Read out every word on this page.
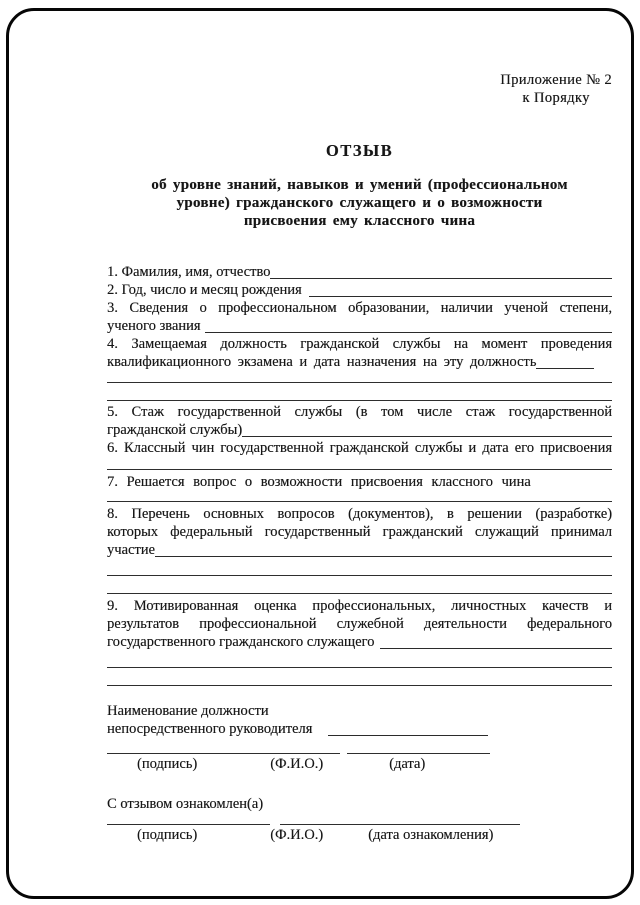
Приложение № 2
к Порядку
ОТЗЫВ
об уровне знаний, навыков и умений (профессиональном
уровне) гражданского служащего и о возможности
присвоения ему классного чина
1. Фамилия, имя, отчество
2. Год, число и месяц рождения
3. Сведения о профессиональном образовании, наличии ученой степени,
ученого звания
4. Замещаемая должность гражданской службы на момент проведения
квалификационного экзамена и дата назначения на эту должность
5. Стаж государственной службы (в том числе стаж государственной
гражданской службы)
6. Классный чин государственной гражданской службы и дата его присвоения
7. Решается вопрос о возможности присвоения классного чина
8. Перечень основных вопросов (документов), в решении (разработке)
которых федеральный государственный гражданский служащий принимал
участие
9. Мотивированная оценка профессиональных, личностных качеств и
результатов профессиональной служебной деятельности федерального
государственного гражданского служащего
Наименование должности
непосредственного руководителя
(подпись)	(Ф.И.О.)	(дата)
С отзывом ознакомлен(а)
(подпись)	(Ф.И.О.)	(дата ознакомления)
